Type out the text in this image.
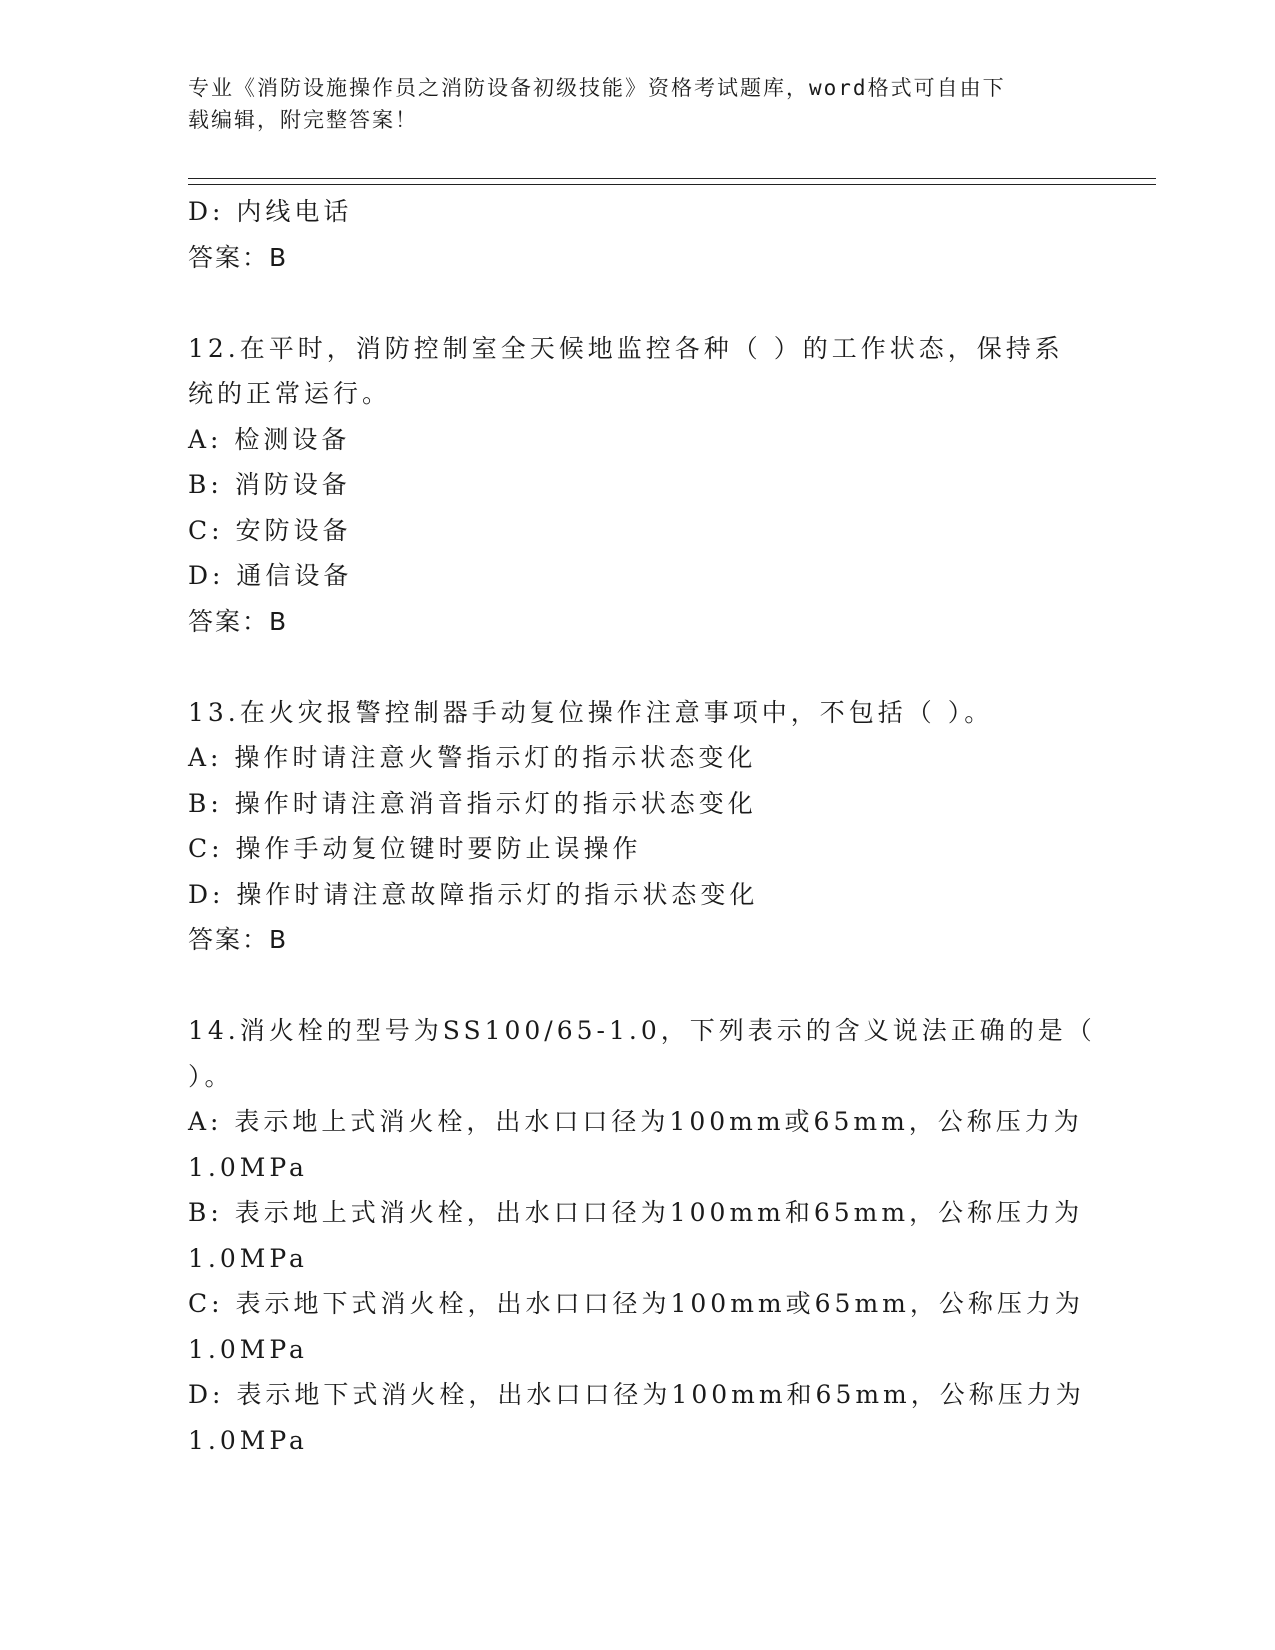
专业《消防设施操作员之消防设备初级技能》资格考试题库，word格式可自由下
载编辑，附完整答案！
D: 内线电话
答案：B
12.在平时，消防控制室全天候地监控各种（ ）的工作状态，保持系
统的正常运行。
A: 检测设备
B: 消防设备
C: 安防设备
D: 通信设备
答案：B
13.在火灾报警控制器手动复位操作注意事项中，不包括（ ）。
A: 操作时请注意火警指示灯的指示状态变化
B: 操作时请注意消音指示灯的指示状态变化
C: 操作手动复位键时要防止误操作
D: 操作时请注意故障指示灯的指示状态变化
答案：B
14.消火栓的型号为SS100/65-1.0，下列表示的含义说法正确的是（
）。
A: 表示地上式消火栓，出水口口径为100mm或65mm，公称压力为
1.0MPa
B: 表示地上式消火栓，出水口口径为100mm和65mm，公称压力为
1.0MPa
C: 表示地下式消火栓，出水口口径为100mm或65mm，公称压力为
1.0MPa
D: 表示地下式消火栓，出水口口径为100mm和65mm，公称压力为
1.0MPa
